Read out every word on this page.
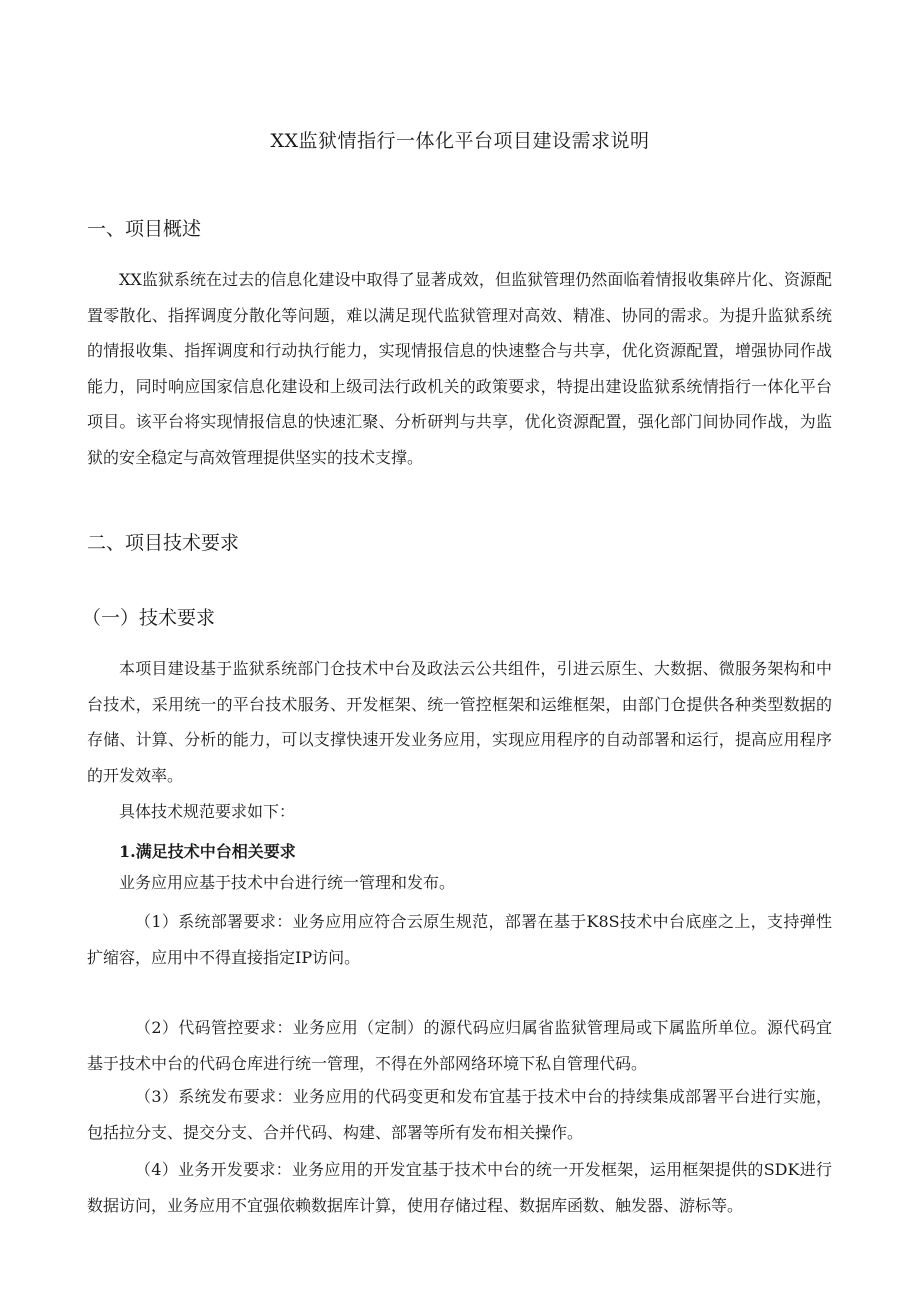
XX监狱情指行一体化平台项目建设需求说明
一、项目概述

XX监狱系统在过去的信息化建设中取得了显著成效，但监狱管理仍然面临着情报收集碎片化、资源配置零散化、指挥调度分散化等问题，难以满足现代监狱管理对高效、精准、协同的需求。为提升监狱系统的情报收集、指挥调度和行动执行能力，实现情报信息的快速整合与共享，优化资源配置，增强协同作战能力，同时响应国家信息化建设和上级司法行政机关的政策要求，特提出建设监狱系统情指行一体化平台项目。该平台将实现情报信息的快速汇聚、分析研判与共享，优化资源配置，强化部门间协同作战，为监狱的安全稳定与高效管理提供坚实的技术支撑。

二、项目技术要求
（一）技术要求

本项目建设基于监狱系统部门仓技术中台及政法云公共组件，引进云原生、大数据、微服务架构和中台技术，采用统一的平台技术服务、开发框架、统一管控框架和运维框架，由部门仓提供各种类型数据的存储、计算、分析的能力，可以支撑快速开发业务应用，实现应用程序的自动部署和运行，提高应用程序的开发效率。

具体技术规范要求如下：

1.满足技术中台相关要求

业务应用应基于技术中台进行统一管理和发布。

（1）系统部署要求：业务应用应符合云原生规范，部署在基于K8S技术中台底座之上，支持弹性扩缩容，应用中不得直接指定IP访问。

（2）代码管控要求：业务应用（定制）的源代码应归属省监狱管理局或下属监所单位。源代码宜基于技术中台的代码仓库进行统一管理，不得在外部网络环境下私自管理代码。

（3）系统发布要求：业务应用的代码变更和发布宜基于技术中台的持续集成部署平台进行实施，包括拉分支、提交分支、合并代码、构建、部署等所有发布相关操作。

（4）业务开发要求：业务应用的开发宜基于技术中台的统一开发框架，运用框架提供的SDK进行数据访问，业务应用不宜强依赖数据库计算，使用存储过程、数据库函数、触发器、游标等。
